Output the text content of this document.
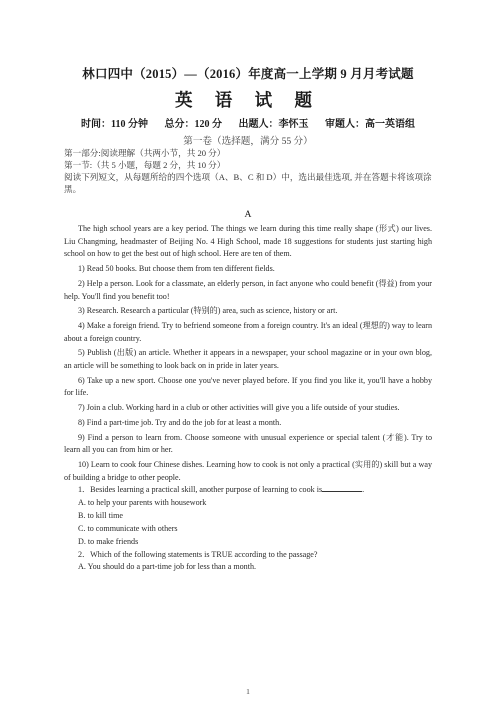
林口四中（2015）—（2016）年度高一上学期 9 月月考试题
英 语 试 题
时间：110 分钟 总分：120 分 出题人：李怀玉 审题人：高一英语组
第一卷（选择题，满分 55 分）
第一部分:阅读理解（共两小节，共 20 分）
第一节:（共 5 小题，每题 2 分，共 10 分）
阅读下列短文，从每题所给的四个选项（A、B、C 和 D）中，选出最佳选项, 并在答题卡将该项涂黑。
A
The high school years are a key period. The things we learn during this time really shape (形式) our lives. Liu Changming, headmaster of Beijing No. 4 High School, made 18 suggestions for students just starting high school on how to get the best out of high school. Here are ten of them.
1) Read 50 books. But choose them from ten different fields.
2) Help a person. Look for a classmate, an elderly person, in fact anyone who could benefit (得益) from your help. You'll find you benefit too!
3) Research. Research a particular (特别的) area, such as science, history or art.
4) Make a foreign friend. Try to befriend someone from a foreign country. It's an ideal (理想的) way to learn about a foreign country.
5) Publish (出版) an article. Whether it appears in a newspaper, your school magazine or in your own blog, an article will be something to look back on in pride in later years.
6) Take up a new sport. Choose one you've never played before. If you find you like it, you'll have a hobby for life.
7) Join a club. Working hard in a club or other activities will give you a life outside of your studies.
8) Find a part-time job. Try and do the job for at least a month.
9) Find a person to learn from. Choose someone with unusual experience or special talent (才能). Try to learn all you can from him or her.
10) Learn to cook four Chinese dishes. Learning how to cook is not only a practical (实用的) skill but a way of building a bridge to other people.
1．Besides learning a practical skill, another purpose of learning to cook is	.
A. to help your parents with housework
B. to kill time
C. to communicate with others
D. to make friends
2．Which of the following statements is TRUE according to the passage?
A. You should do a part-time job for less than a month.
1
